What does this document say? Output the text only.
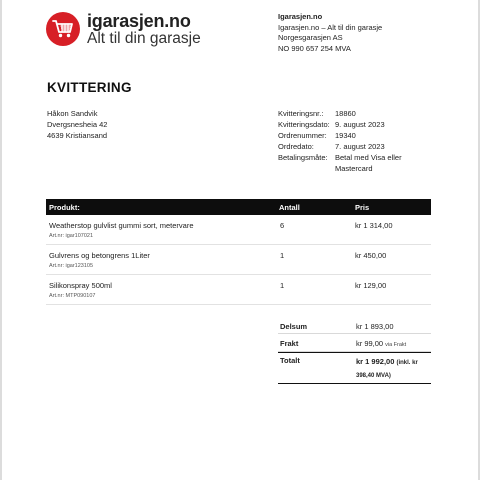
igarasjen.no
Alt til din garasje
Igarasjen.no
Igarasjen.no – Alt til din garasje
Norgesgarasjen AS
NO 990 657 254 MVA
KVITTERING
Håkon Sandvik
Dvergsnesheia 42
4639 Kristiansand
Kvitteringsnr.:	18860
Kvitteringsdato: 9. august 2023
Ordrenummer:	19340
Ordredato:	7. august 2023
Betalingsmåte: Betal med Visa eller
Mastercard
Produkt:	Antall	Pris
Weatherstop gulvlist gummi sort, metervare
Art.nr: igar107021
6	kr 1 314,00
Gulvrens og betongrens 1Liter
Art.nr: igar123105
1	kr 450,00
Silikonspray 500ml
Art.nr: MTP090107
1	kr 129,00
Delsum	kr 1 893,00
Frakt	kr 99,00 via Frakt
Totalt	kr 1 992,00 (inkl. kr
398,40 MVA)
